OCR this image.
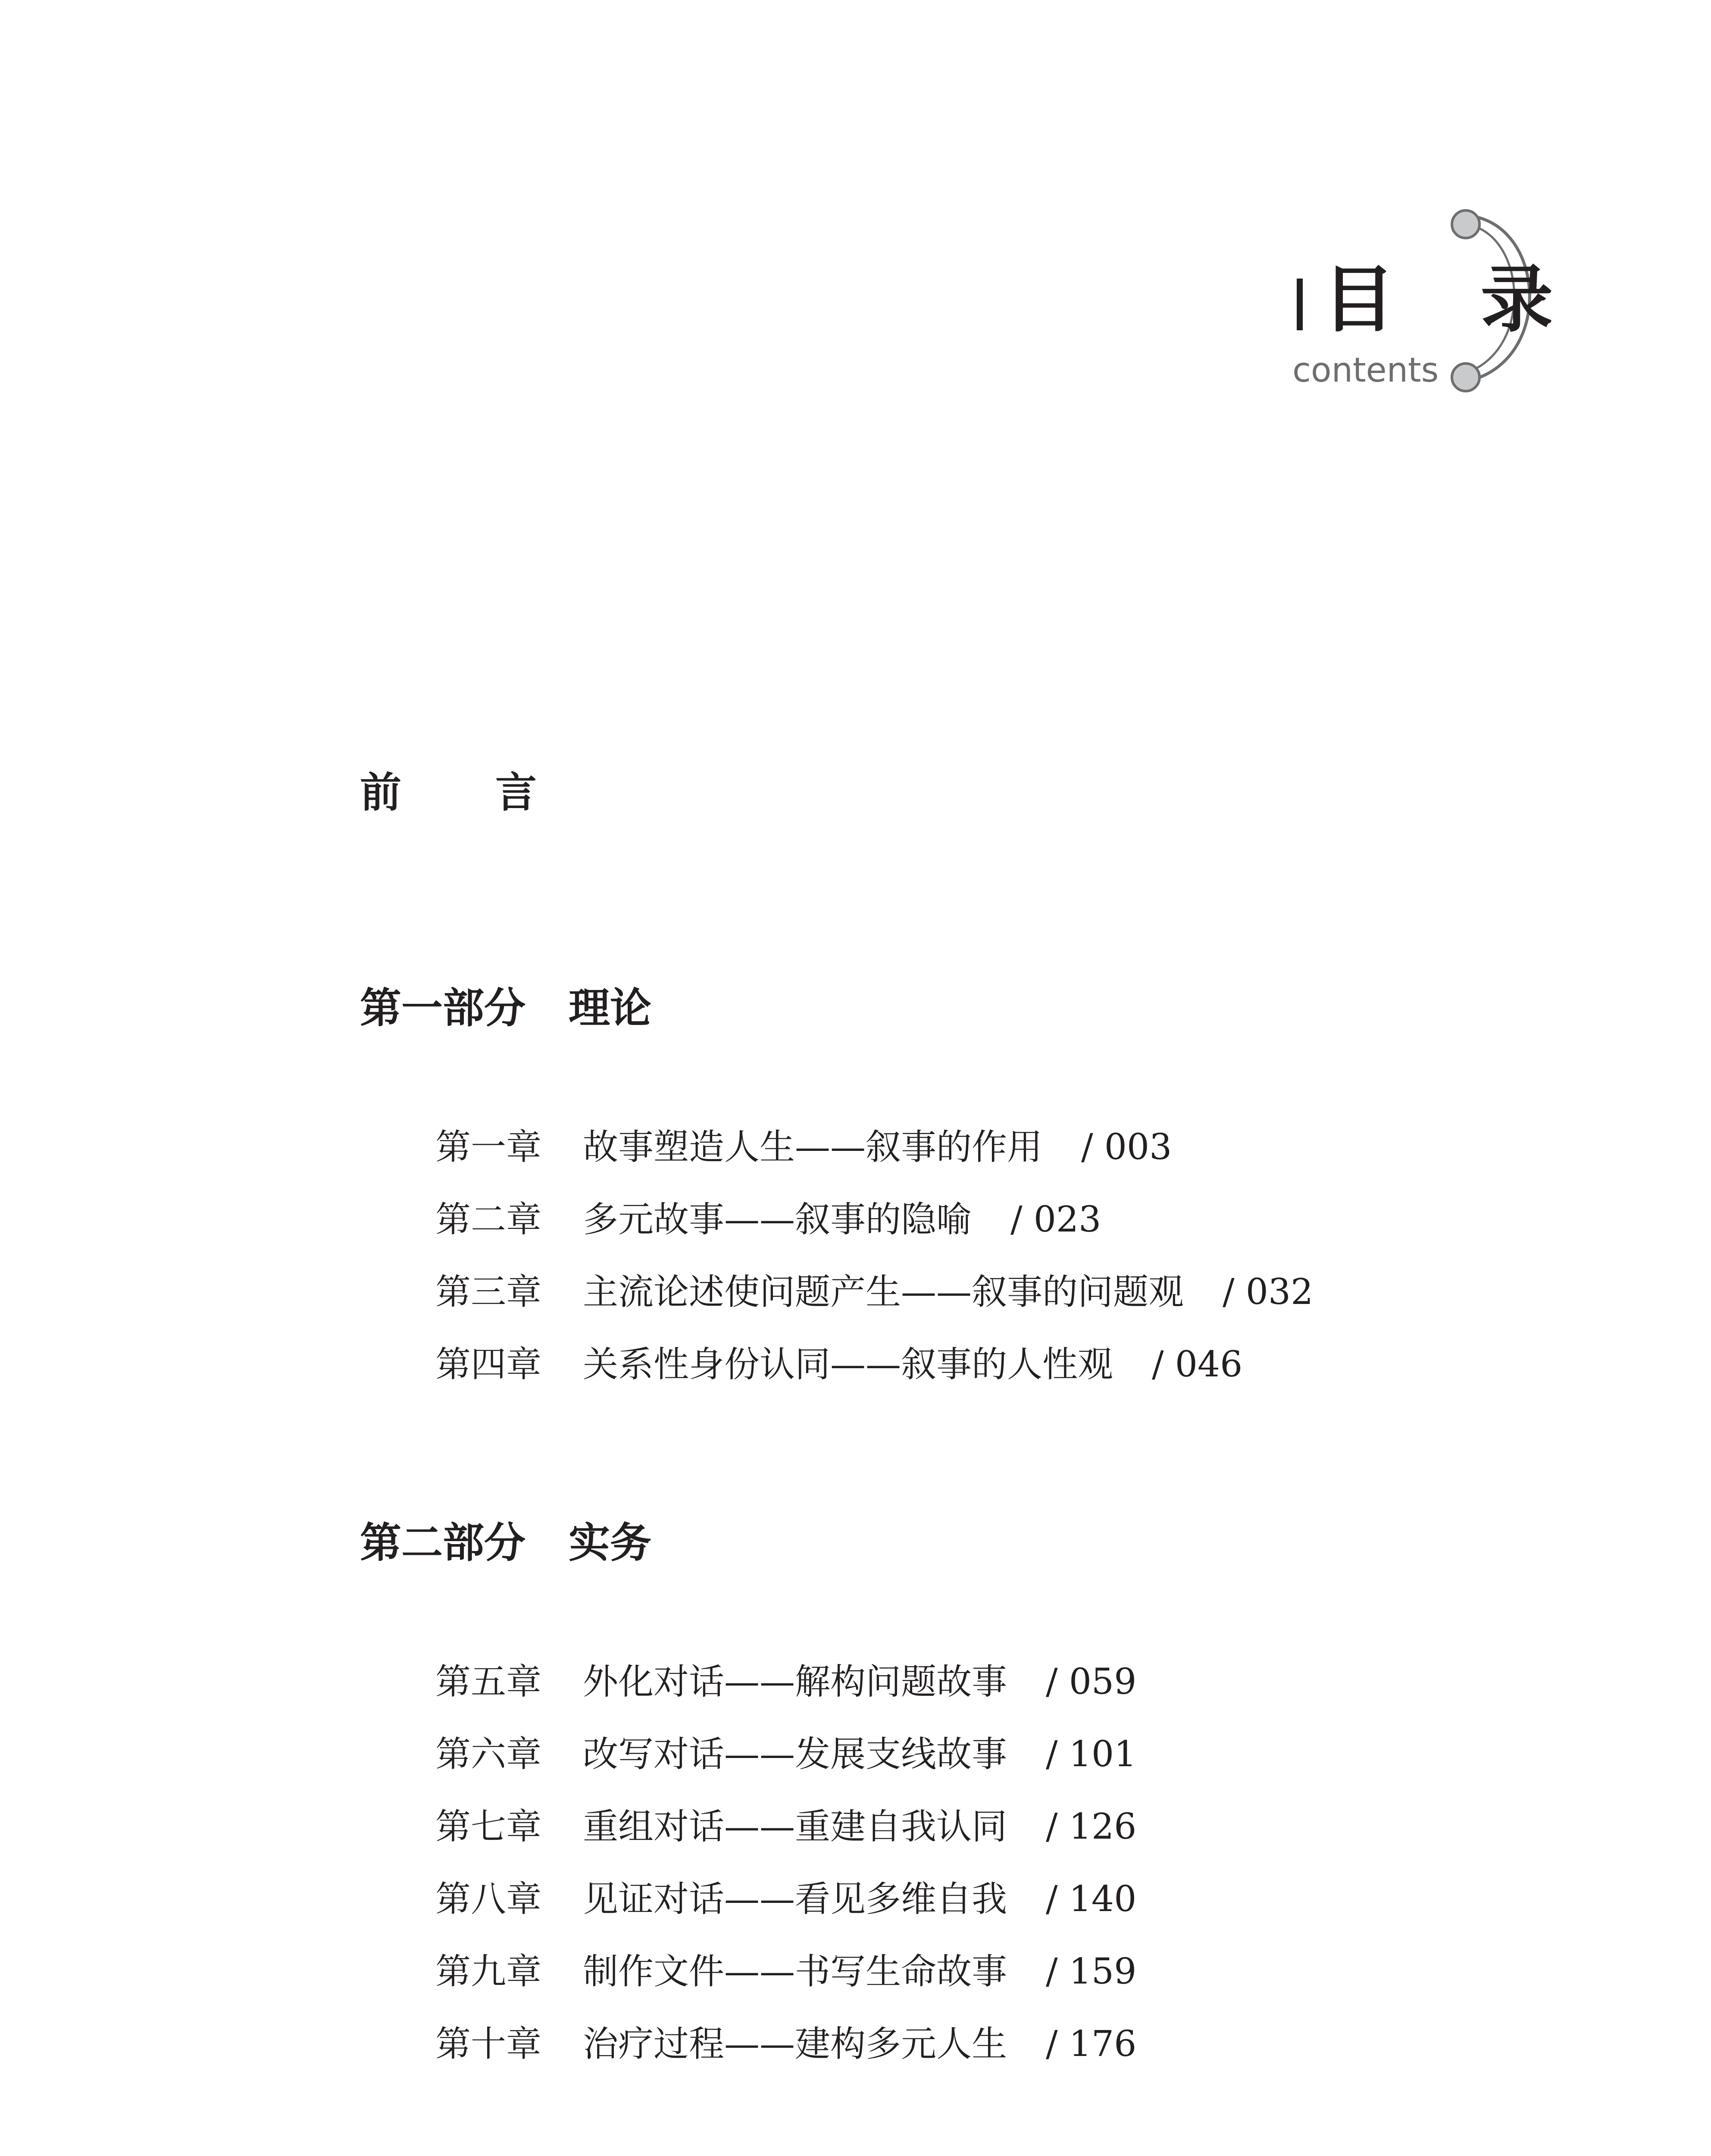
目 录
contents
前言
第一部分 理论
第一章 故事塑造人生——叙事的作用 / 003
第二章 多元故事——叙事的隐喻 / 023
第三章 主流论述使问题产生——叙事的问题观 / 032
第四章 关系性身份认同——叙事的人性观 / 046
第二部分 实务
第五章 外化对话——解构问题故事 / 059
第六章 改写对话——发展支线故事 / 101
第七章 重组对话——重建自我认同 / 126
第八章 见证对话——看见多维自我 / 140
第九章 制作文件——书写生命故事 / 159
第十章 治疗过程——建构多元人生 / 176
